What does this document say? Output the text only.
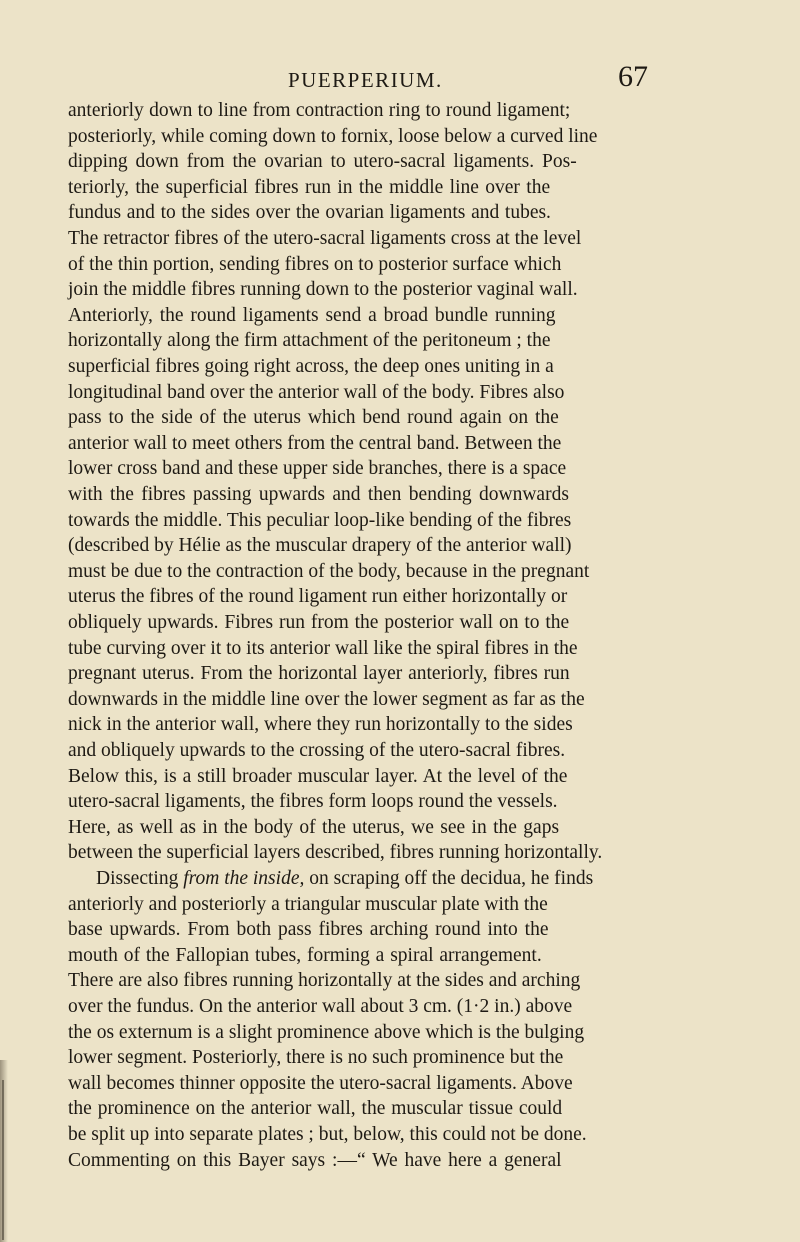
PUERPERIUM.	67
anteriorly down to line from contraction ring to round ligament;
posteriorly, while coming down to fornix, loose below a curved line
dipping down from the ovarian to utero-sacral ligaments. Pos-
teriorly, the superficial fibres run in the middle line over the
fundus and to the sides over the ovarian ligaments and tubes.
The retractor fibres of the utero-sacral ligaments cross at the level
of the thin portion, sending fibres on to posterior surface which
join the middle fibres running down to the posterior vaginal wall.
Anteriorly, the round ligaments send a broad bundle running
horizontally along the firm attachment of the peritoneum ; the
superficial fibres going right across, the deep ones uniting in a
longitudinal band over the anterior wall of the body. Fibres also
pass to the side of the uterus which bend round again on the
anterior wall to meet others from the central band. Between the
lower cross band and these upper side branches, there is a space
with the fibres passing upwards and then bending downwards
towards the middle. This peculiar loop-like bending of the fibres
(described by Hélie as the muscular drapery of the anterior wall)
must be due to the contraction of the body, because in the pregnant
uterus the fibres of the round ligament run either horizontally or
obliquely upwards. Fibres run from the posterior wall on to the
tube curving over it to its anterior wall like the spiral fibres in the
pregnant uterus. From the horizontal layer anteriorly, fibres run
downwards in the middle line over the lower segment as far as the
nick in the anterior wall, where they run horizontally to the sides
and obliquely upwards to the crossing of the utero-sacral fibres.
Below this, is a still broader muscular layer. At the level of the
utero-sacral ligaments, the fibres form loops round the vessels.
Here, as well as in the body of the uterus, we see in the gaps
between the superficial layers described, fibres running horizontally.
Dissecting from the inside, on scraping off the decidua, he finds
anteriorly and posteriorly a triangular muscular plate with the
base upwards. From both pass fibres arching round into the
mouth of the Fallopian tubes, forming a spiral arrangement.
There are also fibres running horizontally at the sides and arching
over the fundus. On the anterior wall about 3 cm. (1·2 in.) above
the os externum is a slight prominence above which is the bulging
lower segment. Posteriorly, there is no such prominence but the
wall becomes thinner opposite the utero-sacral ligaments. Above
the prominence on the anterior wall, the muscular tissue could
be split up into separate plates ; but, below, this could not be done.
Commenting on this Bayer says :—“ We have here a general
